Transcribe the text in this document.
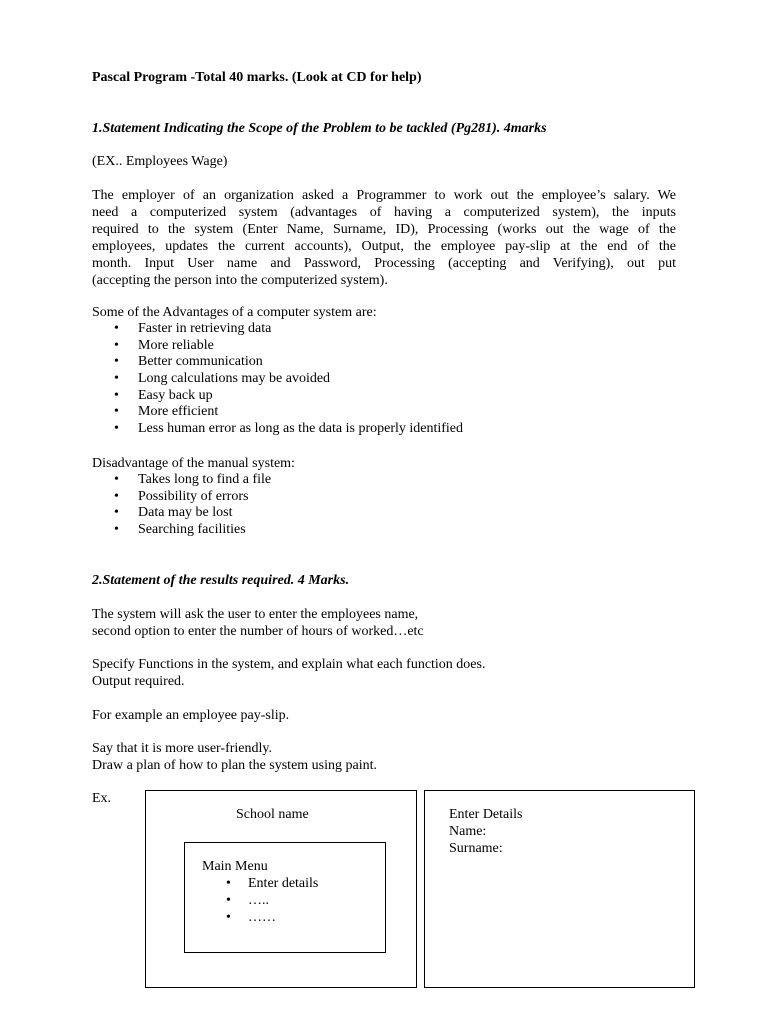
Pascal Program -Total 40 marks. (Look at CD for help)

1.Statement Indicating the Scope of the Problem to be tackled (Pg281). 4marks

(EX.. Employees Wage)

The employer of an organization asked a Programmer to work out the employee’s salary. We
need a computerized system (advantages of having a computerized system), the inputs
required to the system (Enter Name, Surname, ID), Processing (works out the wage of the
employees, updates the current accounts), Output, the employee pay-slip at the end of the
month. Input User name and Password, Processing (accepting and Verifying), out put
(accepting the person into the computerized system).

Some of the Advantages of a computer system are:

• Faster in retrieving data
• More reliable
• Better communication
• Long calculations may be avoided
• Easy back up
• More efficient
• Less human error as long as the data is properly identified

Disadvantage of the manual system:

• Takes long to find a file
• Possibility of errors
• Data may be lost
• Searching facilities

2.Statement of the results required. 4 Marks.

The system will ask the user to enter the employees name,

second option to enter the number of hours of worked…etc

Specify Functions in the system, and explain what each function does.

Output required.

For example an employee pay-slip.

Say that it is more user-friendly.

Draw a plan of how to plan the system using paint.

Ex.

School name
Main Menu
• Enter details
• …..
• ……
Enter Details
Name:
Surname:
